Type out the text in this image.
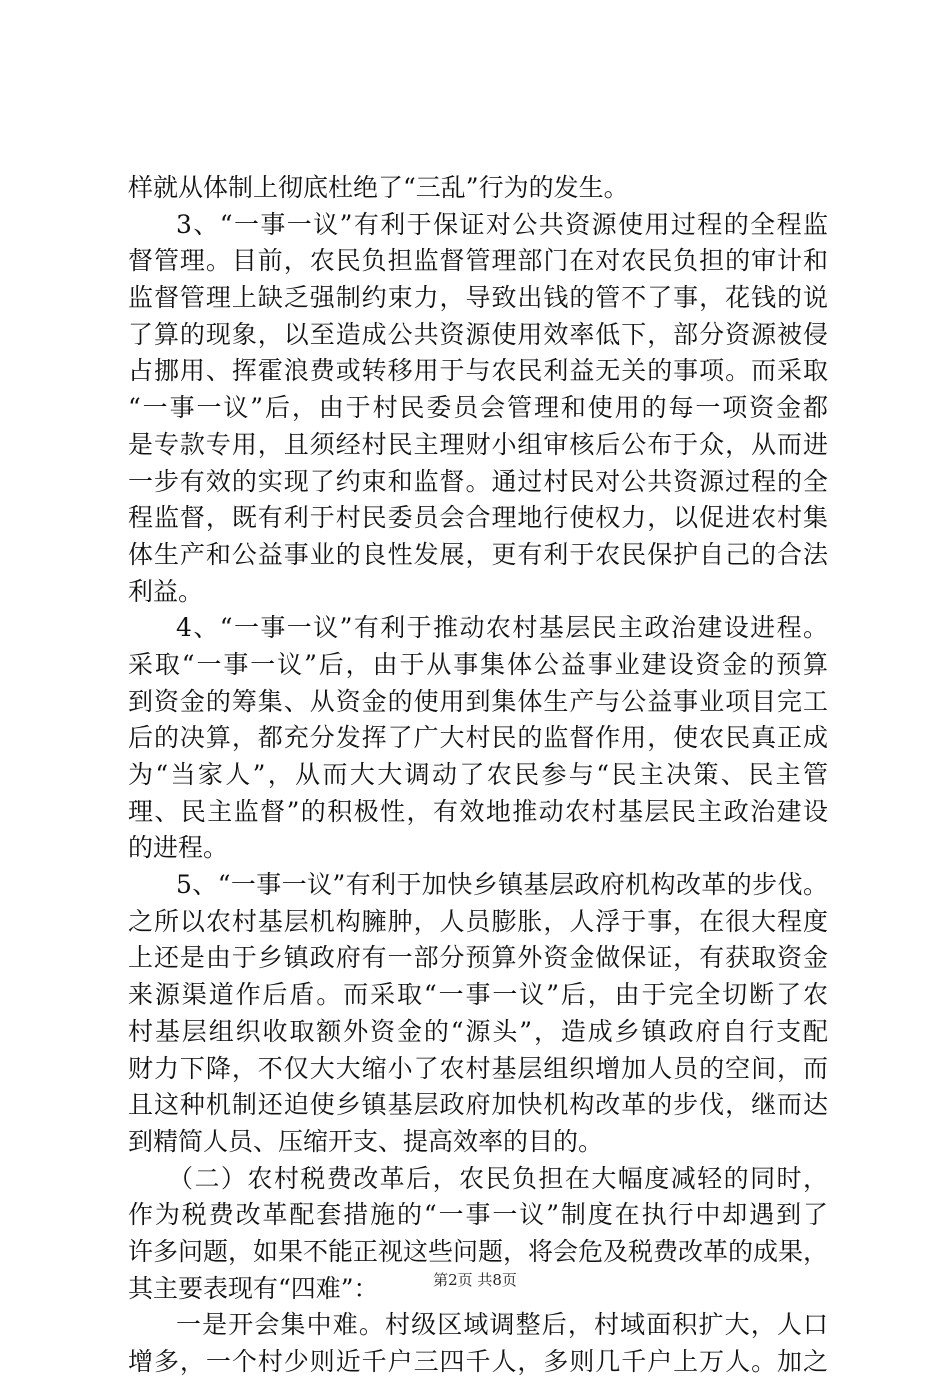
样就从体制上彻底杜绝了“三乱”行为的发生。
3、“一事一议”有利于保证对公共资源使用过程的全程监
督管理。目前，农民负担监督管理部门在对农民负担的审计和
监督管理上缺乏强制约束力，导致出钱的管不了事，花钱的说
了算的现象，以至造成公共资源使用效率低下，部分资源被侵
占挪用、挥霍浪费或转移用于与农民利益无关的事项。而采取
“一事一议”后，由于村民委员会管理和使用的每一项资金都
是专款专用，且须经村民主理财小组审核后公布于众，从而进
一步有效的实现了约束和监督。通过村民对公共资源过程的全
程监督，既有利于村民委员会合理地行使权力，以促进农村集
体生产和公益事业的良性发展，更有利于农民保护自己的合法
利益。
4、“一事一议”有利于推动农村基层民主政治建设进程。
采取“一事一议”后，由于从事集体公益事业建设资金的预算
到资金的筹集、从资金的使用到集体生产与公益事业项目完工
后的决算，都充分发挥了广大村民的监督作用，使农民真正成
为“当家人”，从而大大调动了农民参与“民主决策、民主管
理、民主监督”的积极性，有效地推动农村基层民主政治建设
的进程。
5、“一事一议”有利于加快乡镇基层政府机构改革的步伐。
之所以农村基层机构臃肿，人员膨胀，人浮于事，在很大程度
上还是由于乡镇政府有一部分预算外资金做保证，有获取资金
来源渠道作后盾。而采取“一事一议”后，由于完全切断了农
村基层组织收取额外资金的“源头”，造成乡镇政府自行支配
财力下降，不仅大大缩小了农村基层组织增加人员的空间，而
且这种机制还迫使乡镇基层政府加快机构改革的步伐，继而达
到精简人员、压缩开支、提高效率的目的。
（二）农村税费改革后，农民负担在大幅度减轻的同时，
作为税费改革配套措施的“一事一议”制度在执行中却遇到了
许多问题，如果不能正视这些问题，将会危及税费改革的成果，
其主要表现有“四难”：
一是开会集中难。村级区域调整后，村域面积扩大，人口
增多，一个村少则近千户三四千人，多则几千户上万人。加之
第2页 共8页
